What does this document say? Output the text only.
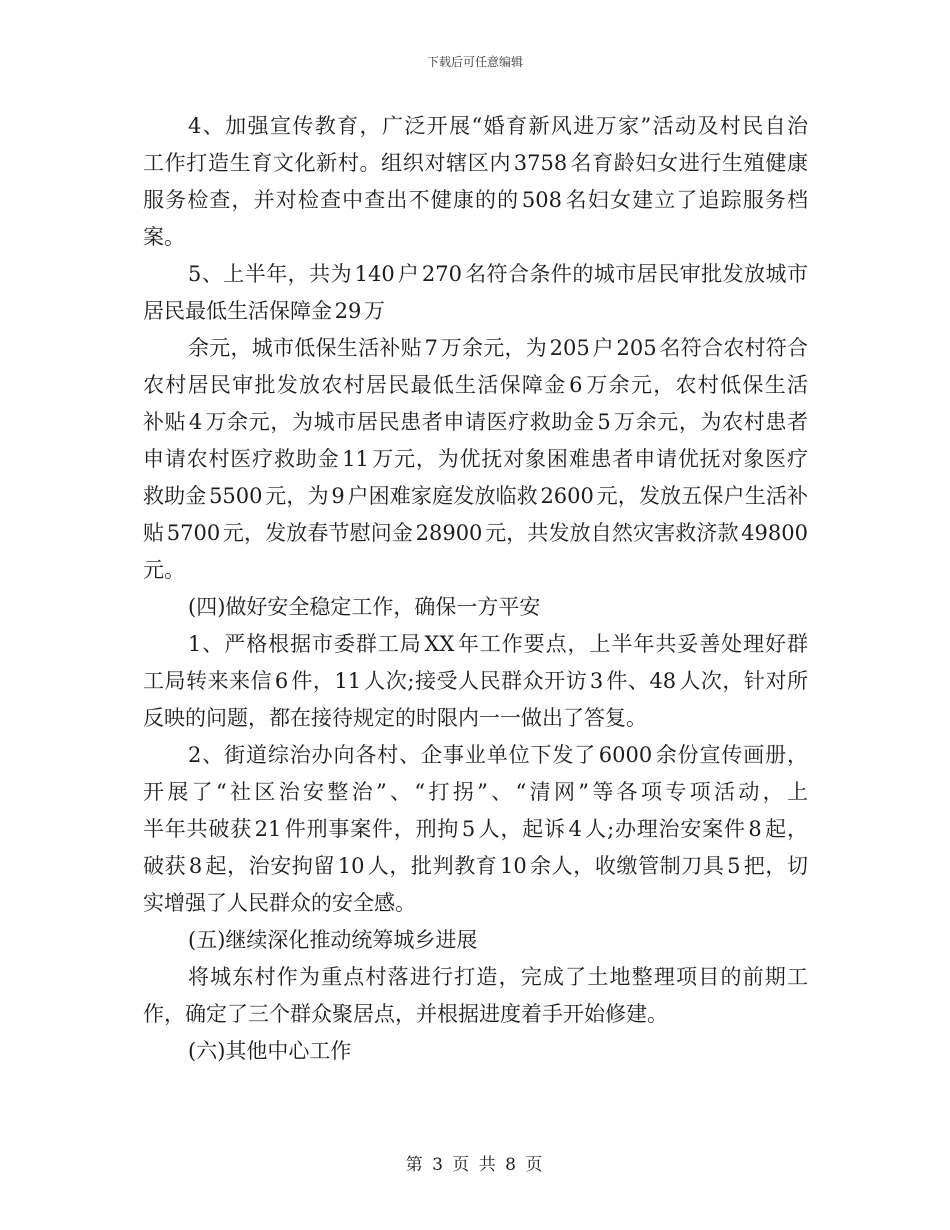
下载后可任意编辑
4、加强宣传教育，广泛开展“婚育新风进万家”活动及村民自治
工作打造生育文化新村。组织对辖区内3758名育龄妇女进行生殖健康
服务检查，并对检查中查出不健康的的508名妇女建立了追踪服务档
案。
5、上半年，共为140户270名符合条件的城市居民审批发放城市
居民最低生活保障金29万
余元，城市低保生活补贴7万余元，为205户205名符合农村符合
农村居民审批发放农村居民最低生活保障金6万余元，农村低保生活
补贴4万余元，为城市居民患者申请医疗救助金5万余元，为农村患者
申请农村医疗救助金11万元，为优抚对象困难患者申请优抚对象医疗
救助金5500元，为9户困难家庭发放临救2600元，发放五保户生活补
贴5700元，发放春节慰问金28900元，共发放自然灾害救济款49800
元。
(四)做好安全稳定工作，确保一方平安
1、严格根据市委群工局XX年工作要点，上半年共妥善处理好群
工局转来来信6件，11人次;接受人民群众开访3件、48人次，针对所
反映的问题，都在接待规定的时限内一一做出了答复。
2、街道综治办向各村、企事业单位下发了6000余份宣传画册，
开展了“社区治安整治”、“打拐”、“清网”等各项专项活动，上
半年共破获21件刑事案件，刑拘5人，起诉4人;办理治安案件8起，
破获8起，治安拘留10人，批判教育10余人，收缴管制刀具5把，切
实增强了人民群众的安全感。
(五)继续深化推动统筹城乡进展
将城东村作为重点村落进行打造，完成了土地整理项目的前期工
作，确定了三个群众聚居点，并根据进度着手开始修建。
(六)其他中心工作
第 3 页 共 8 页
